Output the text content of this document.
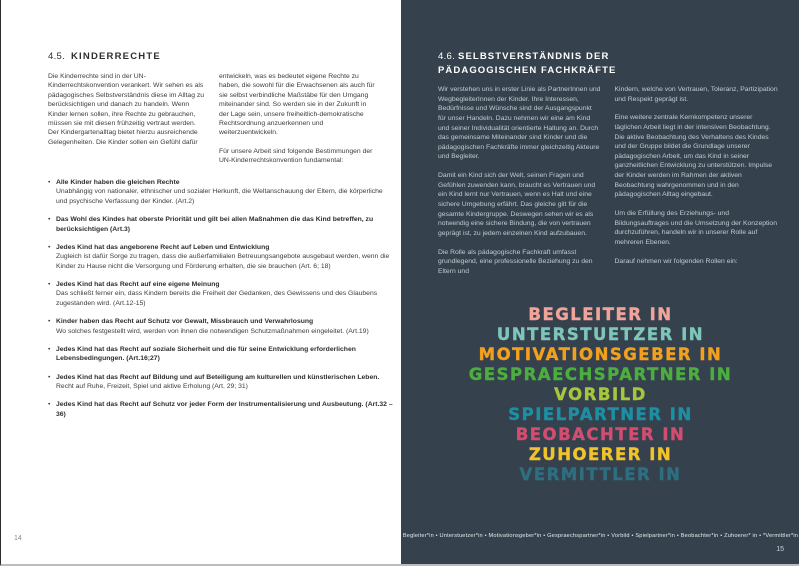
4.5. KINDERRECHTE

Die Kinderrechte sind in der UN-Kinderrechtskonvention verankert. Wir sehen es als pädagogisches Selbstverständnis diese im Alltag zu berücksichtigen und danach zu handeln. Wenn Kinder lernen sollen, ihre Rechte zu gebrauchen, müssen sie mit diesen frühzeitig vertraut werden. Der Kindergartenalltag bietet hierzu ausreichende Gelegenheiten. Die Kinder sollen ein Gefühl dafür

entwickeln, was es bedeutet eigene Rechte zu haben, die sowohl für die Erwachsenen als auch für sie selbst verbindliche Maßstäbe für den Umgang miteinander sind. So werden sie in der Zukunft in der Lage sein, unsere freiheitlich-demokratische Rechtsordnung anzuerkennen und weiterzuentwickeln.

Für unsere Arbeit sind folgende Bestimmungen der UN-Kinderrechtskonvention fundamental:

• Alle Kinder haben die gleichen Rechte
Unabhängig von nationaler, ethnischer und sozialer Herkunft, die Weltanschauung der Eltern, die körperliche und psychische Verfassung der Kinder. (Art.2)
• Das Wohl des Kindes hat oberste Priorität und gilt bei allen Maßnahmen die das Kind betreffen, zu berücksichtigen (Art.3)
• Jedes Kind hat das angeborene Recht auf Leben und Entwicklung
Zugleich ist dafür Sorge zu tragen, dass die außerfamilialen Betreuungsangebote ausgebaut werden, wenn die Kinder zu Hause nicht die Versorgung und Förderung erhalten, die sie brauchen (Art. 6; 18)
• Jedes Kind hat das Recht auf eine eigene Meinung
Das schließt ferner ein, dass Kindern bereits die Freiheit der Gedanken, des Gewissens und des Glaubens zugestanden wird. (Art.12-15)
• Kinder haben das Recht auf Schutz vor Gewalt, Missbrauch und Verwahrlosung
Wo solches festgestellt wird, werden von ihnen die notwendigen Schutzmaßnahmen eingeleitet. (Art.19)
• Jedes Kind hat das Recht auf soziale Sicherheit und die für seine Entwicklung erforderlichen Lebensbedingungen. (Art.16;27)
• Jedes Kind hat das Recht auf Bildung und auf Beteiligung am kulturellen und künstlerischen Leben.
Recht auf Ruhe, Freizeit, Spiel und aktive Erholung (Art. 29; 31)
• Jedes Kind hat das Recht auf Schutz vor jeder Form der Instrumentalisierung und Ausbeutung. (Art.32 – 36)
14
4.6. SELBSTVERSTÄNDNIS DER
PÄDAGOGISCHEN FACHKRÄFTE

Wir verstehen uns in erster Linie als PartnerInnen und WegbegleiterInnen der Kinder. Ihre Interessen, Bedürfnisse und Wünsche sind der Ausgangspunkt für unser Handeln. Dazu nehmen wir eine am Kind und seiner Individualität orientierte Haltung an. Durch das gemeinsame Miteinander sind Kinder und die pädagogischen Fachkräfte immer gleichzeitig Akteure und Begleiter.

Damit ein Kind sich der Welt, seinen Fragen und Gefühlen zuwenden kann, braucht es Vertrauen und ein Kind lernt nur Vertrauen, wenn es Halt und eine sichere Umgebung erfährt. Das gleiche gilt für die gesamte Kindergruppe. Deswegen sehen wir es als notwendig eine sichere Bindung, die von vertrauen geprägt ist, zu jedem einzelnen Kind aufzubauen.

Die Rolle als pädagogische Fachkraft umfasst grundlegend, eine professionelle Beziehung zu den Eltern und

Kindern, welche von Vertrauen, Toleranz, Partizipation und Respekt geprägt ist.

Eine weitere zentrale Kernkompetenz unserer täglichen Arbeit liegt in der intensiven Beobachtung. Die aktive Beobachtung des Verhaltens des Kindes und der Gruppe bildet die Grundlage unserer pädagogischen Arbeit, um das Kind in seiner ganzheitlichen Entwicklung zu unterstützen. Impulse der Kinder werden im Rahmen der aktiven Beobachtung wahrgenommen und in den pädagogischen Alltag eingebaut.

Um die Erfüllung des Erziehungs- und Bildungsauftrages und die Umsetzung der Konzeption durchzuführen, handeln wir in unserer Rolle auf mehreren Ebenen.

Darauf nehmen wir folgenden Rollen ein:

BEGLEITER IN
UNTERSTUETZER IN
MOTIVATIONSGEBER IN
GESPRAECHSPARTNER IN
VORBILD
SPIELPARTNER IN
BEOBACHTER IN
ZUHOERER IN
VERMITTLER IN
Begleiter*in • Unterstuetzer*in • Motivationsgeber*in • Gespraechspartner*in • Vorbild • Spielpartner*in • Beobachter*in • Zuhoerer* in • *Vermittler*in
15
